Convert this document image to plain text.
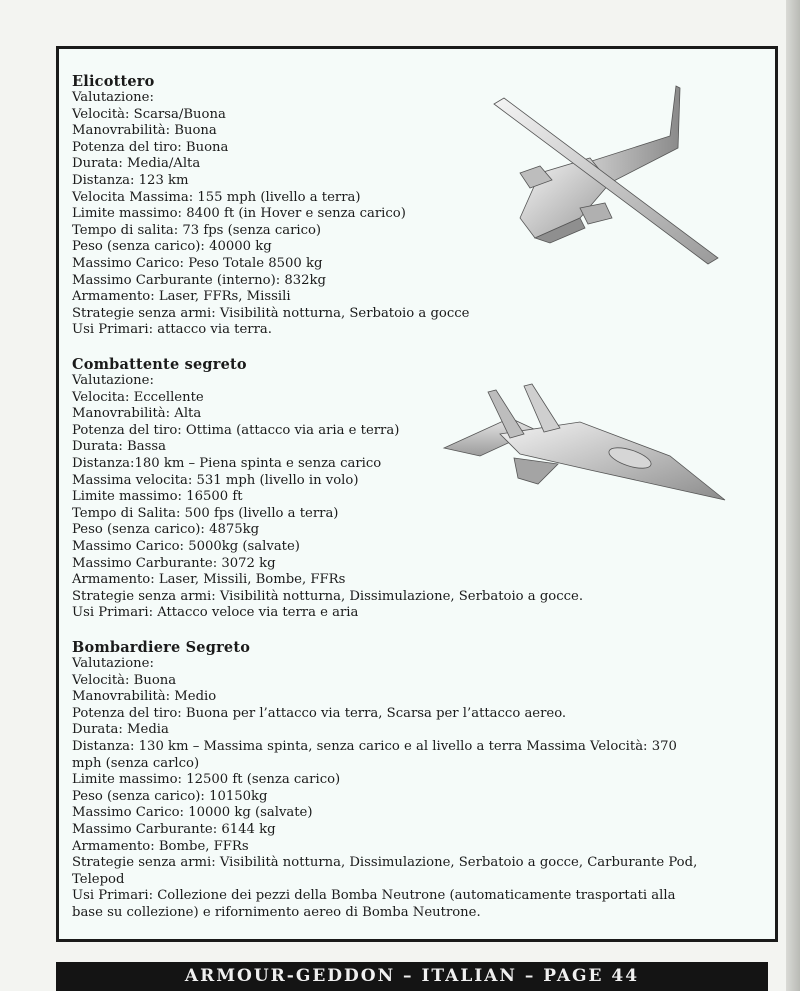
Elicottero
Valutazione:
Velocità: Scarsa/Buona
Manovrabilità: Buona
Potenza del tiro: Buona
Durata: Media/Alta
Distanza: 123 km
Velocita Massima: 155 mph (livello a terra)
Limite massimo: 8400 ft (in Hover e senza carico)
Tempo di salita: 73 fps (senza carico)
Peso (senza carico): 40000 kg
Massimo Carico: Peso Totale 8500 kg
Massimo Carburante (interno): 832kg
Armamento: Laser, FFRs, Missili
Strategie senza armi: Visibilità notturna, Serbatoio a gocce
Usi Primari: attacco via terra.
Combattente segreto
Valutazione:
Velocita: Eccellente
Manovrabilità: Alta
Potenza del tiro: Ottima (attacco via aria e terra)
Durata: Bassa
Distanza:180 km – Piena spinta e senza carico
Massima velocita: 531 mph (livello in volo)
Limite massimo: 16500 ft
Tempo di Salita: 500 fps (livello a terra)
Peso (senza carico): 4875kg
Massimo Carico: 5000kg (salvate)
Massimo Carburante: 3072 kg
Armamento: Laser, Missili, Bombe, FFRs
Strategie senza armi: Visibilità notturna, Dissimulazione, Serbatoio a gocce.
Usi Primari: Attacco veloce via terra e aria
Bombardiere Segreto
Valutazione:
Velocità: Buona
Manovrabilità: Medio
Potenza del tiro: Buona per l’attacco via terra, Scarsa per l’attacco aereo.
Durata: Media
Distanza: 130 km – Massima spinta, senza carico e al livello a terra Massima Velocità: 370
mph (senza carlco)
Limite massimo: 12500 ft (senza carico)
Peso (senza carico): 10150kg
Massimo Carico: 10000 kg (salvate)
Massimo Carburante: 6144 kg
Armamento: Bombe, FFRs
Strategie senza armi: Visibilità notturna, Dissimulazione, Serbatoio a gocce, Carburante Pod,
Telepod
Usi Primari: Collezione dei pezzi della Bomba Neutrone (automaticamente trasportati alla
base su collezione) e rifornimento aereo di Bomba Neutrone.
ARMOUR-GEDDON – ITALIAN – PAGE 44
